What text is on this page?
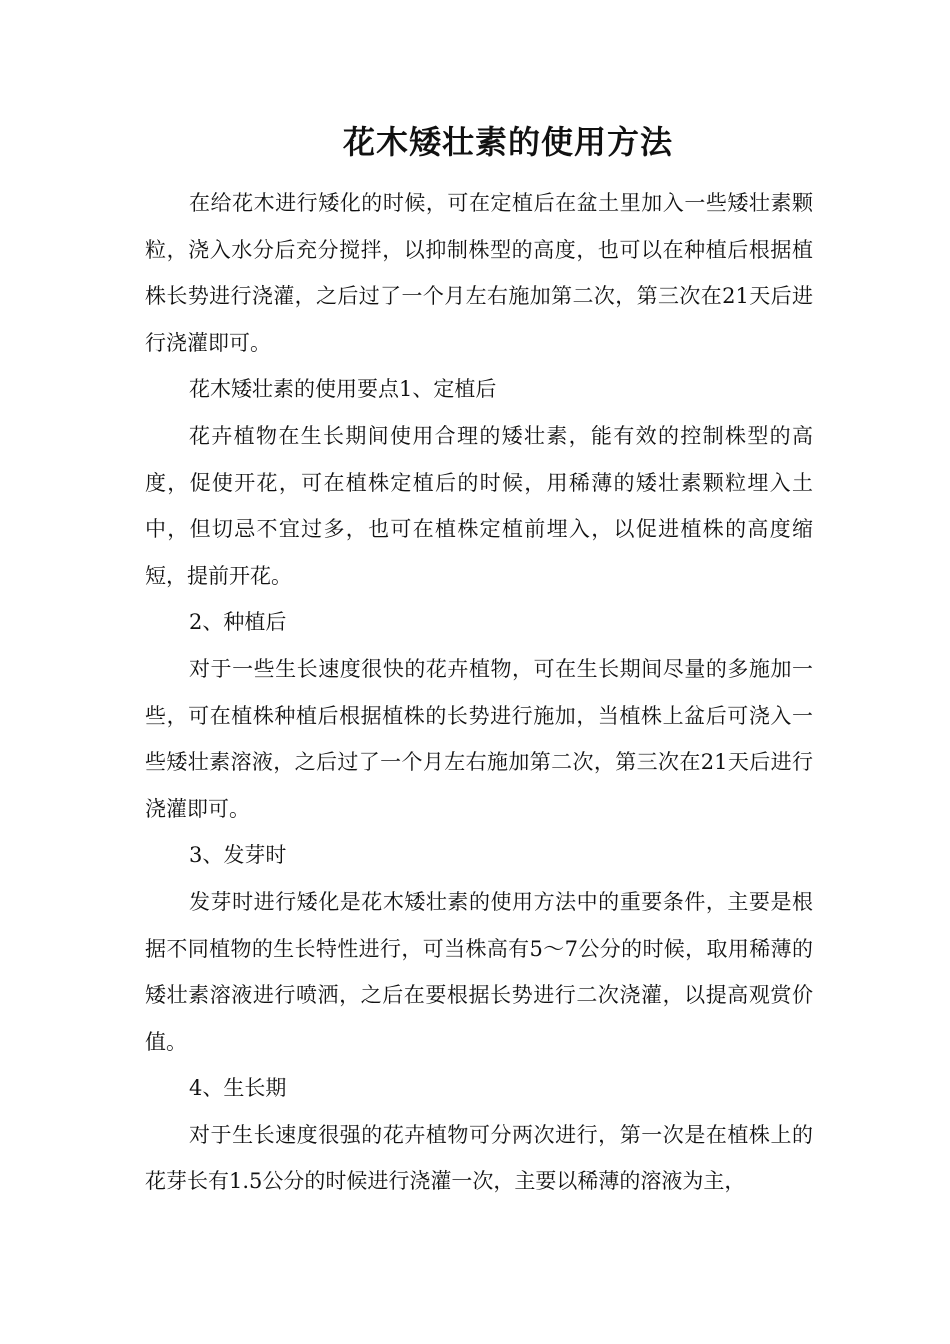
花木矮壮素的使用方法

在给花木进行矮化的时候，可在定植后在盆土里加入一些矮壮素颗粒，浇入水分后充分搅拌，以抑制株型的高度，也可以在种植后根据植株长势进行浇灌，之后过了一个月左右施加第二次，第三次在21天后进行浇灌即可。

花木矮壮素的使用要点1、定植后

花卉植物在生长期间使用合理的矮壮素，能有效的控制株型的高度，促使开花，可在植株定植后的时候，用稀薄的矮壮素颗粒埋入土中，但切忌不宜过多，也可在植株定植前埋入，以促进植株的高度缩短，提前开花。

2、种植后

对于一些生长速度很快的花卉植物，可在生长期间尽量的多施加一些，可在植株种植后根据植株的长势进行施加，当植株上盆后可浇入一些矮壮素溶液，之后过了一个月左右施加第二次，第三次在21天后进行浇灌即可。

3、发芽时

发芽时进行矮化是花木矮壮素的使用方法中的重要条件，主要是根据不同植物的生长特性进行，可当株高有5～7公分的时候，取用稀薄的矮壮素溶液进行喷洒，之后在要根据长势进行二次浇灌，以提高观赏价值。

4、生长期

对于生长速度很强的花卉植物可分两次进行，第一次是在植株上的花芽长有1.5公分的时候进行浇灌一次，主要以稀薄的溶液为主，
